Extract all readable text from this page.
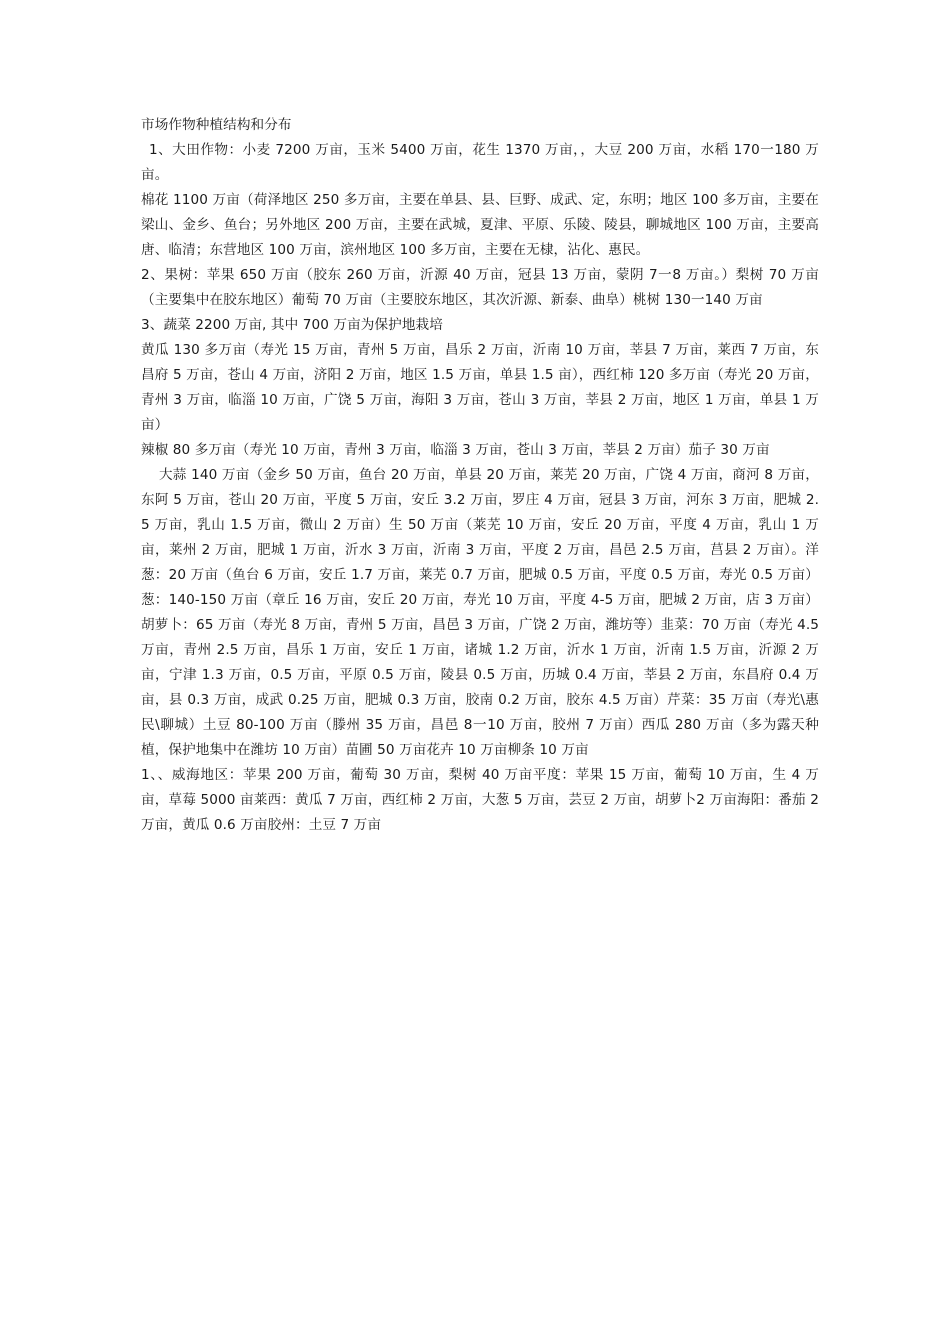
市场作物种植结构和分布

1、大田作物：小麦 7200 万亩，玉米 5400 万亩，花生 1370 万亩，，大豆 200 万亩，水稻 170一180 万亩。

棉花 1100 万亩（荷泽地区 250 多万亩，主要在单县、县、巨野、成武、定，东明；地区 100 多万亩，主要在梁山、金乡、鱼台；另外地区 200 万亩，主要在武城，夏津、平原、乐陵、陵县，聊城地区 100 万亩，主要高唐、临清；东营地区 100 万亩，滨州地区 100 多万亩，主要在无棣，沾化、惠民。

2、果树：苹果 650 万亩（胶东 260 万亩，沂源 40 万亩，冠县 13 万亩，蒙阴 7一8 万亩。）梨树 70 万亩（主要集中在胶东地区）葡萄 70 万亩（主要胶东地区，其次沂源、新泰、曲阜）桃树 130一140 万亩

3、蔬菜 2200 万亩, 其中 700 万亩为保护地栽培

黄瓜 130 多万亩（寿光 15 万亩，青州 5 万亩，昌乐 2 万亩，沂南 10 万亩，莘县 7 万亩，莱西 7 万亩，东昌府 5 万亩，苍山 4 万亩，济阳 2 万亩，地区 1.5 万亩，单县 1.5 亩），西红柿 120 多万亩（寿光 20 万亩，青州 3 万亩，临淄 10 万亩，广饶 5 万亩，海阳 3 万亩，苍山 3 万亩，莘县 2 万亩，地区 1 万亩，单县 1 万亩）

辣椒 80 多万亩（寿光 10 万亩，青州 3 万亩，临淄 3 万亩，苍山 3 万亩，莘县 2 万亩）茄子 30 万亩

大蒜 140 万亩（金乡 50 万亩，鱼台 20 万亩，单县 20 万亩，莱芜 20 万亩，广饶 4 万亩，商河 8 万亩，东阿 5 万亩，苍山 20 万亩，平度 5 万亩，安丘 3.2 万亩，罗庄 4 万亩，冠县 3 万亩，河东 3 万亩，肥城 2.5 万亩，乳山 1.5 万亩，微山 2 万亩）生 50 万亩（莱芜 10 万亩，安丘 20 万亩，平度 4 万亩，乳山 1 万亩，莱州 2 万亩，肥城 1 万亩，沂水 3 万亩，沂南 3 万亩，平度 2 万亩，昌邑 2.5 万亩，莒县 2 万亩）。洋葱：20 万亩（鱼台 6 万亩，安丘 1.7 万亩，莱芜 0.7 万亩，肥城 0.5 万亩，平度 0.5 万亩，寿光 0.5 万亩）葱：140-150 万亩（章丘 16 万亩，安丘 20 万亩，寿光 10 万亩，平度 4-5 万亩，肥城 2 万亩，店 3 万亩）胡萝卜：65 万亩（寿光 8 万亩，青州 5 万亩，昌邑 3 万亩，广饶 2 万亩，潍坊等）韭菜：70 万亩（寿光 4.5 万亩，青州 2.5 万亩，昌乐 1 万亩，安丘 1 万亩，诸城 1.2 万亩，沂水 1 万亩，沂南 1.5 万亩，沂源 2 万亩，宁津 1.3 万亩，0.5 万亩，平原 0.5 万亩，陵县 0.5 万亩，历城 0.4 万亩，莘县 2 万亩，东昌府 0.4 万亩，县 0.3 万亩，成武 0.25 万亩，肥城 0.3 万亩，胶南 0.2 万亩，胶东 4.5 万亩）芹菜：35 万亩（寿光\惠民\聊城）土豆 80-100 万亩（滕州 35 万亩，昌邑 8一10 万亩，胶州 7 万亩）西瓜 280 万亩（多为露天种植，保护地集中在潍坊 10 万亩）苗圃 50 万亩花卉 10 万亩柳条 10 万亩

1、、威海地区：苹果 200 万亩，葡萄 30 万亩，梨树 40 万亩平度：苹果 15 万亩，葡萄 10 万亩，生 4 万亩，草莓 5000 亩莱西：黄瓜 7 万亩，西红柿 2 万亩，大葱 5 万亩，芸豆 2 万亩，胡萝卜2 万亩海阳：番茄 2 万亩，黄瓜 0.6 万亩胶州：土豆 7 万亩
